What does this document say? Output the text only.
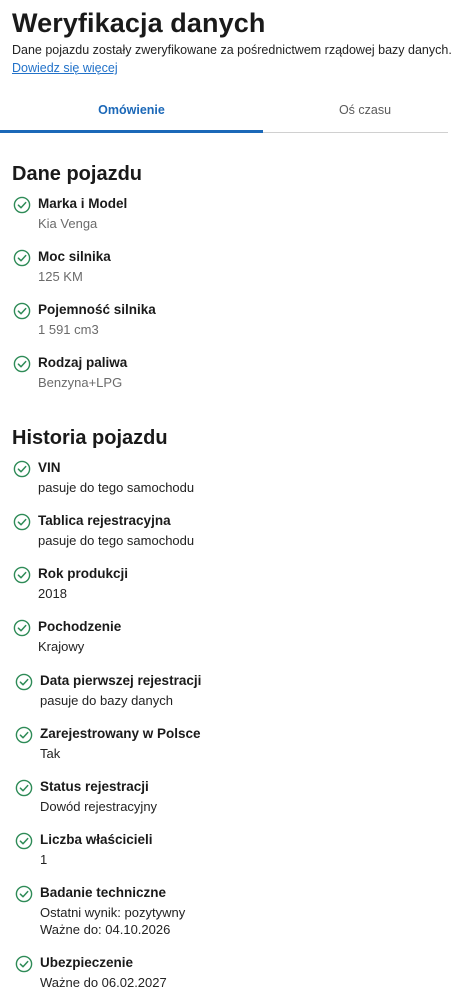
Weryfikacja danych
Dane pojazdu zostały zweryfikowane za pośrednictwem rządowej bazy danych.
Dowiedz się więcej
Omówienie	Oś czasu
Dane pojazdu
Marka i Model
Kia Venga
Moc silnika
125 KM
Pojemność silnika
1 591 cm3
Rodzaj paliwa
Benzyna+LPG
Historia pojazdu
VIN
pasuje do tego samochodu
Tablica rejestracyjna
pasuje do tego samochodu
Rok produkcji
2018
Pochodzenie
Krajowy
Data pierwszej rejestracji
pasuje do bazy danych
Zarejestrowany w Polsce
Tak
Status rejestracji
Dowód rejestracyjny
Liczba właścicieli
1
Badanie techniczne
Ostatni wynik: pozytywny
Ważne do: 04.10.2026
Ubezpieczenie
Ważne do 06.02.2027
